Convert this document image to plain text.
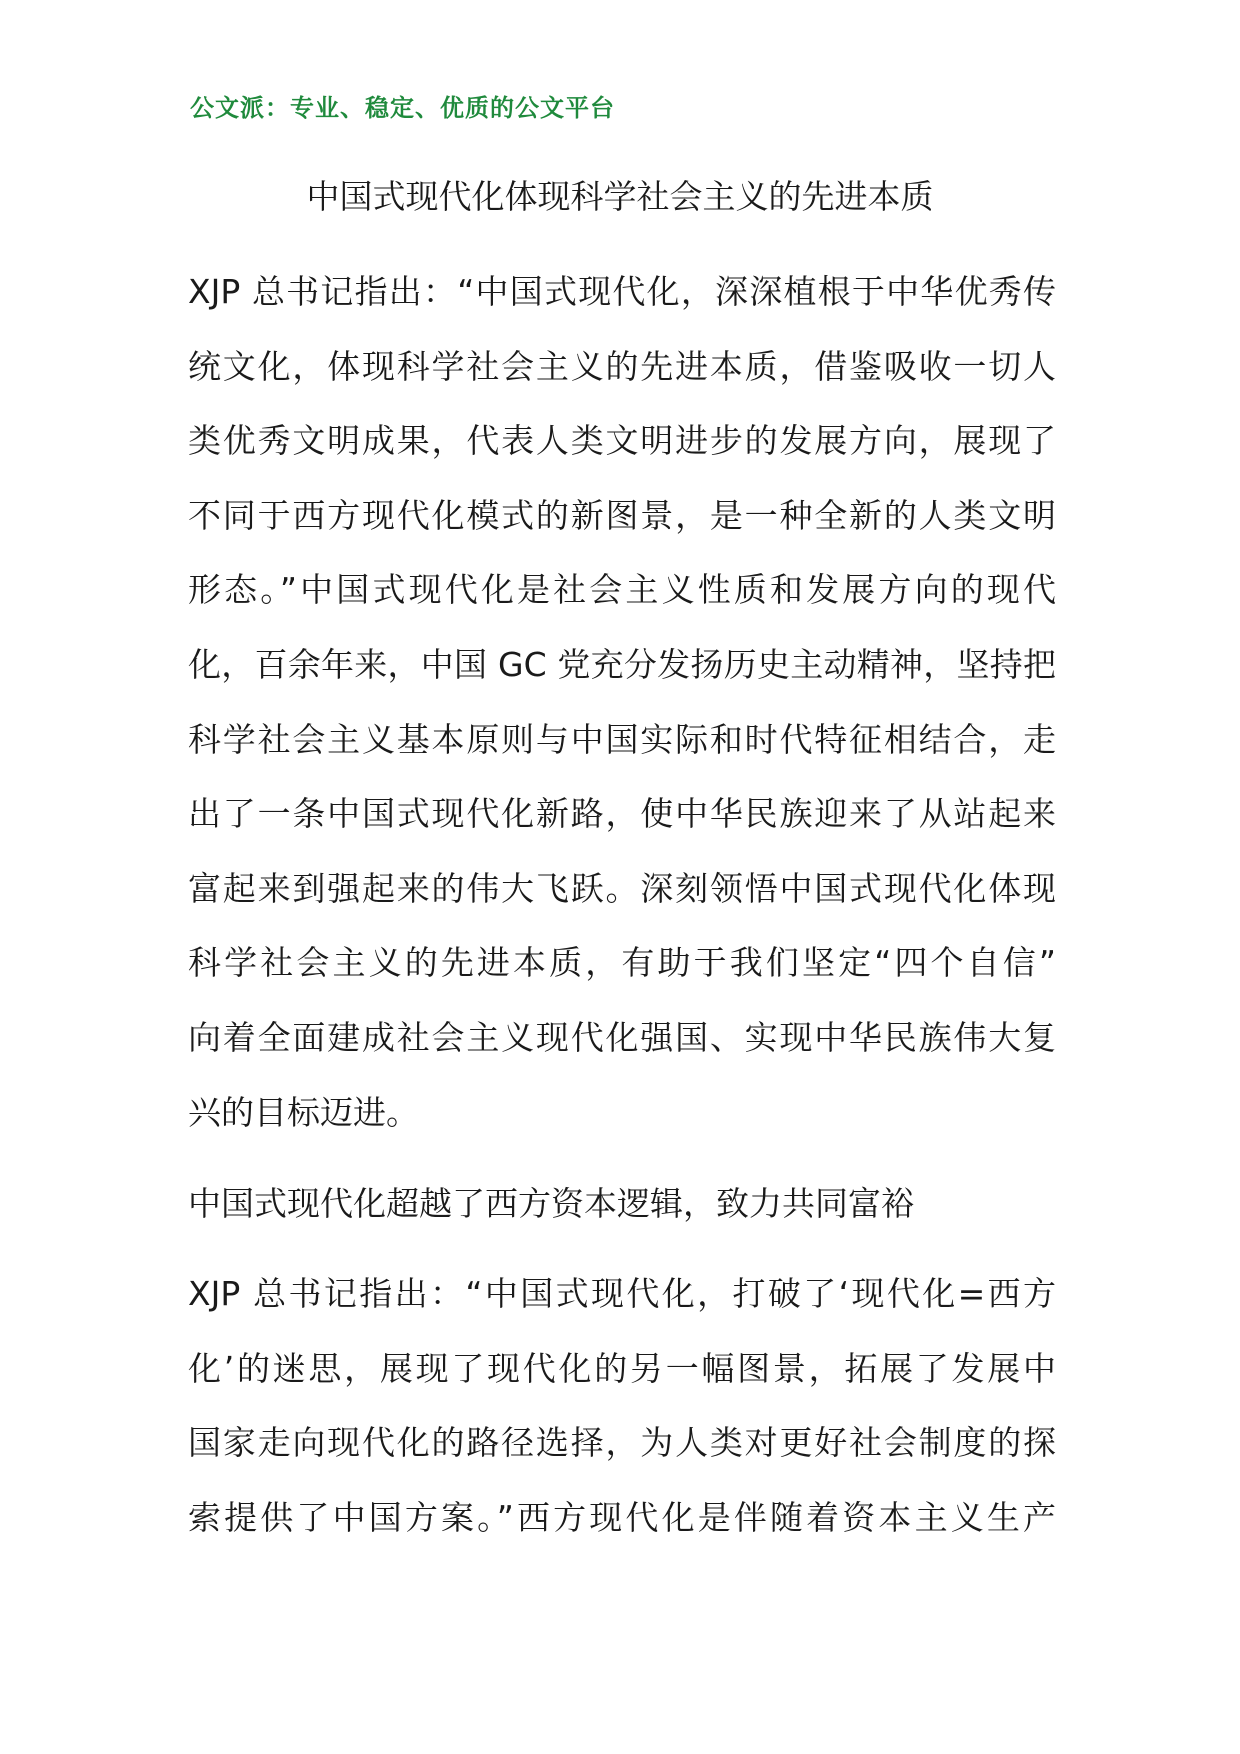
公文派：专业、稳定、优质的公文平台
中国式现代化体现科学社会主义的先进本质
XJP 总书记指出：“中国式现代化，深深植根于中华优秀传
统文化，体现科学社会主义的先进本质，借鉴吸收一切人
类优秀文明成果，代表人类文明进步的发展方向，展现了
不同于西方现代化模式的新图景，是一种全新的人类文明
形态。”中国式现代化是社会主义性质和发展方向的现代
化，百余年来，中国 GC 党充分发扬历史主动精神，坚持把
科学社会主义基本原则与中国实际和时代特征相结合，走
出了一条中国式现代化新路，使中华民族迎来了从站起来
富起来到强起来的伟大飞跃。深刻领悟中国式现代化体现
科学社会主义的先进本质，有助于我们坚定“四个自信”
向着全面建成社会主义现代化强国、实现中华民族伟大复
兴的目标迈进。
中国式现代化超越了西方资本逻辑，致力共同富裕
XJP 总书记指出：“中国式现代化，打破了‘现代化=西方
化’的迷思，展现了现代化的另一幅图景，拓展了发展中
国家走向现代化的路径选择，为人类对更好社会制度的探
索提供了中国方案。”西方现代化是伴随着资本主义生产
